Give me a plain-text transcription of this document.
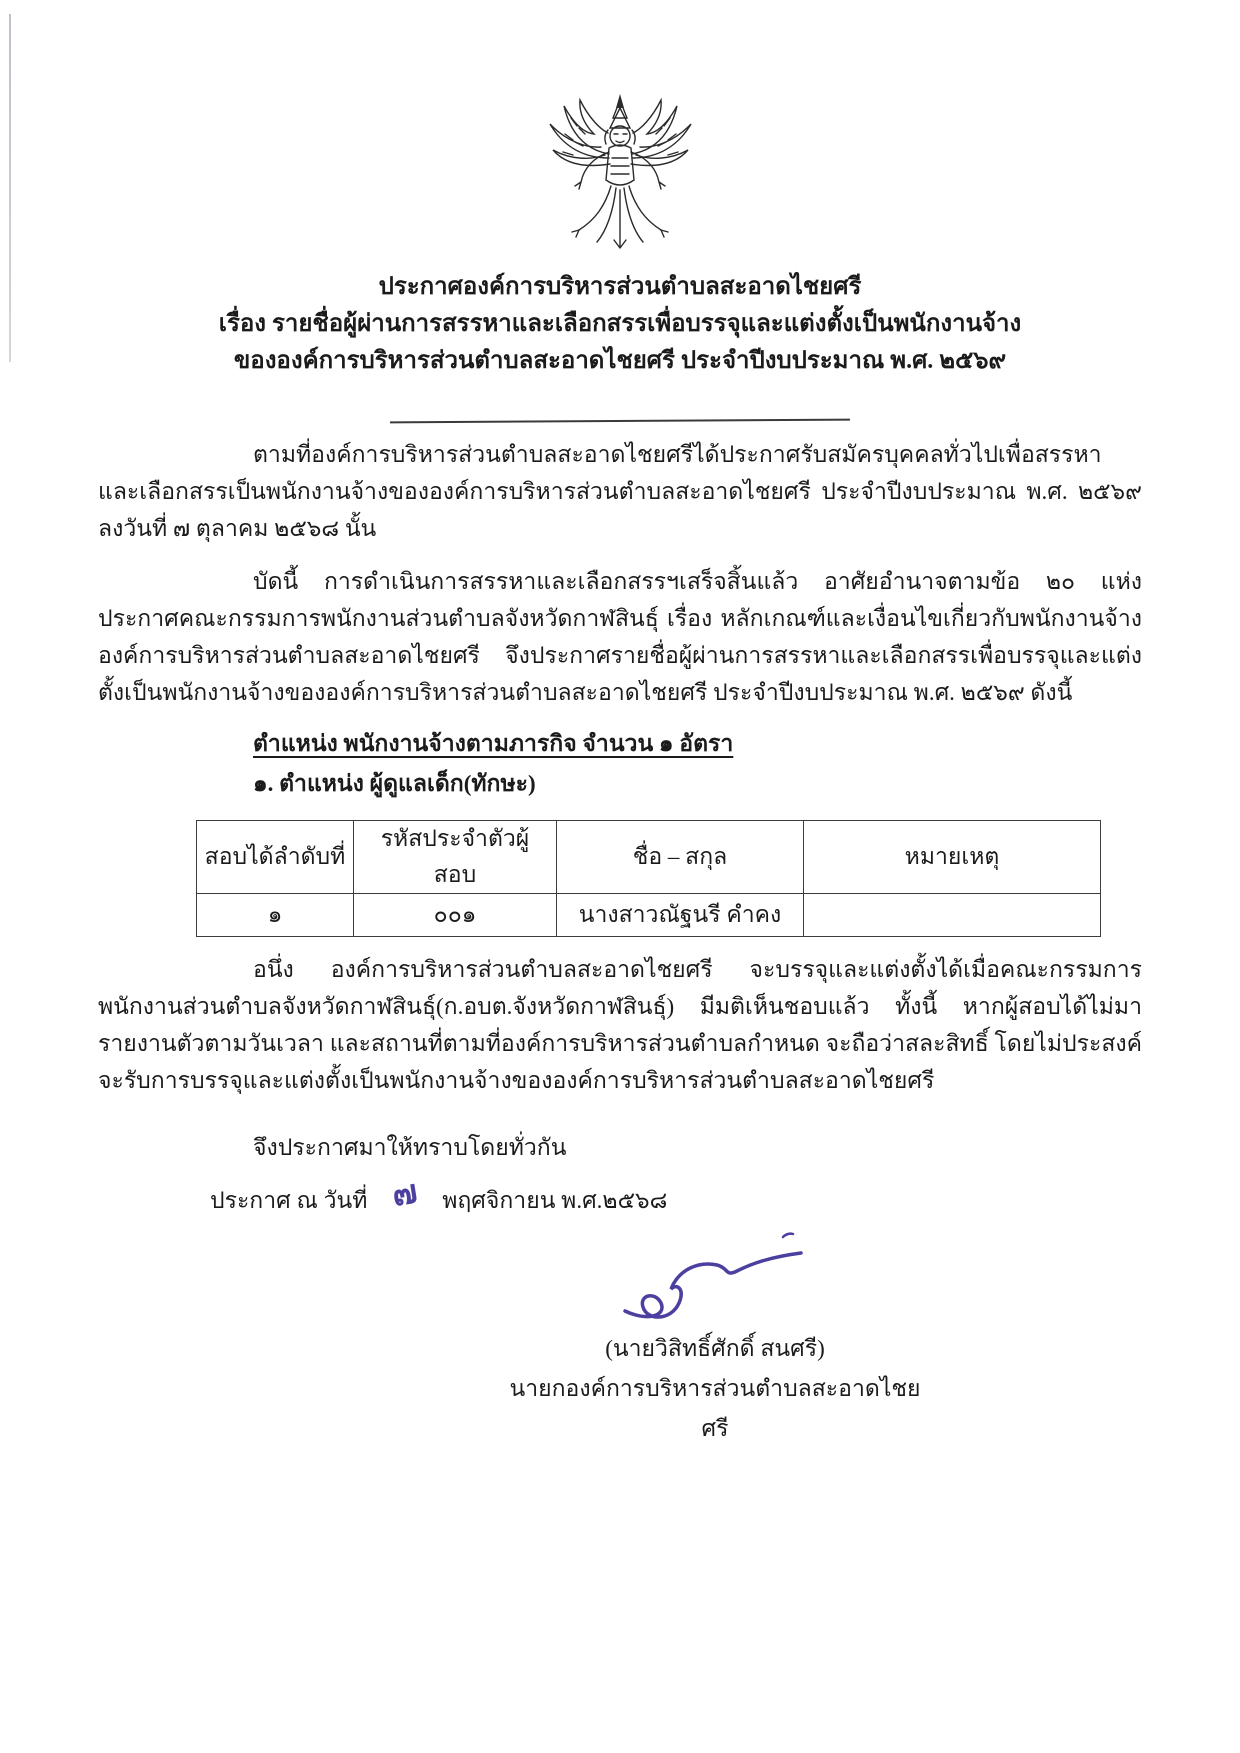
ประกาศองค์การบริหารส่วนตำบลสะอาดไชยศรี
เรื่อง รายชื่อผู้ผ่านการสรรหาและเลือกสรรเพื่อบรรจุและแต่งตั้งเป็นพนักงานจ้าง
ขององค์การบริหารส่วนตำบลสะอาดไชยศรี ประจำปีงบประมาณ พ.ศ. ๒๕๖๙

ตามที่องค์การบริหารส่วนตำบลสะอาดไชยศรีได้ประกาศรับสมัครบุคคลทั่วไปเพื่อสรรหาและเลือกสรรเป็นพนักงานจ้างขององค์การบริหารส่วนตำบลสะอาดไชยศรี ประจำปีงบประมาณ พ.ศ. ๒๕๖๙ ลงวันที่ ๗ ตุลาคม ๒๕๖๘ นั้น

บัดนี้ การดำเนินการสรรหาและเลือกสรรฯเสร็จสิ้นแล้ว อาศัยอำนาจตามข้อ ๒๐ แห่งประกาศคณะกรรมการพนักงานส่วนตำบลจังหวัดกาฬสินธุ์ เรื่อง หลักเกณฑ์และเงื่อนไขเกี่ยวกับพนักงานจ้าง องค์การบริหารส่วนตำบลสะอาดไชยศรี จึงประกาศรายชื่อผู้ผ่านการสรรหาและเลือกสรรเพื่อบรรจุและแต่งตั้งเป็นพนักงานจ้างขององค์การบริหารส่วนตำบลสะอาดไชยศรี ประจำปีงบประมาณ พ.ศ. ๒๕๖๙ ดังนี้

ตำแหน่ง พนักงานจ้างตามภารกิจ จำนวน ๑ อัตรา
๑. ตำแหน่ง ผู้ดูแลเด็ก(ทักษะ)
สอบได้ลำดับที่	รหัสประจำตัวผู้สอบ	ชื่อ – สกุล	หมายเหตุ
๑	๐๐๑	นางสาวณัฐนรี คำคง	

อนึ่ง องค์การบริหารส่วนตำบลสะอาดไชยศรี จะบรรจุและแต่งตั้งได้เมื่อคณะกรรมการพนักงานส่วนตำบลจังหวัดกาฬสินธุ์(ก.อบต.จังหวัดกาฬสินธุ์) มีมติเห็นชอบแล้ว ทั้งนี้ หากผู้สอบได้ไม่มารายงานตัวตามวันเวลา และสถานที่ตามที่องค์การบริหารส่วนตำบลกำหนด จะถือว่าสละสิทธิ์ โดยไม่ประสงค์จะรับการบรรจุและแต่งตั้งเป็นพนักงานจ้างขององค์การบริหารส่วนตำบลสะอาดไชยศรี

จึงประกาศมาให้ทราบโดยทั่วกัน
ประกาศ ณ วันที่ ๗ พฤศจิกายน พ.ศ.๒๕๖๘
(นายวิสิทธิ์ศักดิ์ สนศรี)
นายกองค์การบริหารส่วนตำบลสะอาดไชยศรี
